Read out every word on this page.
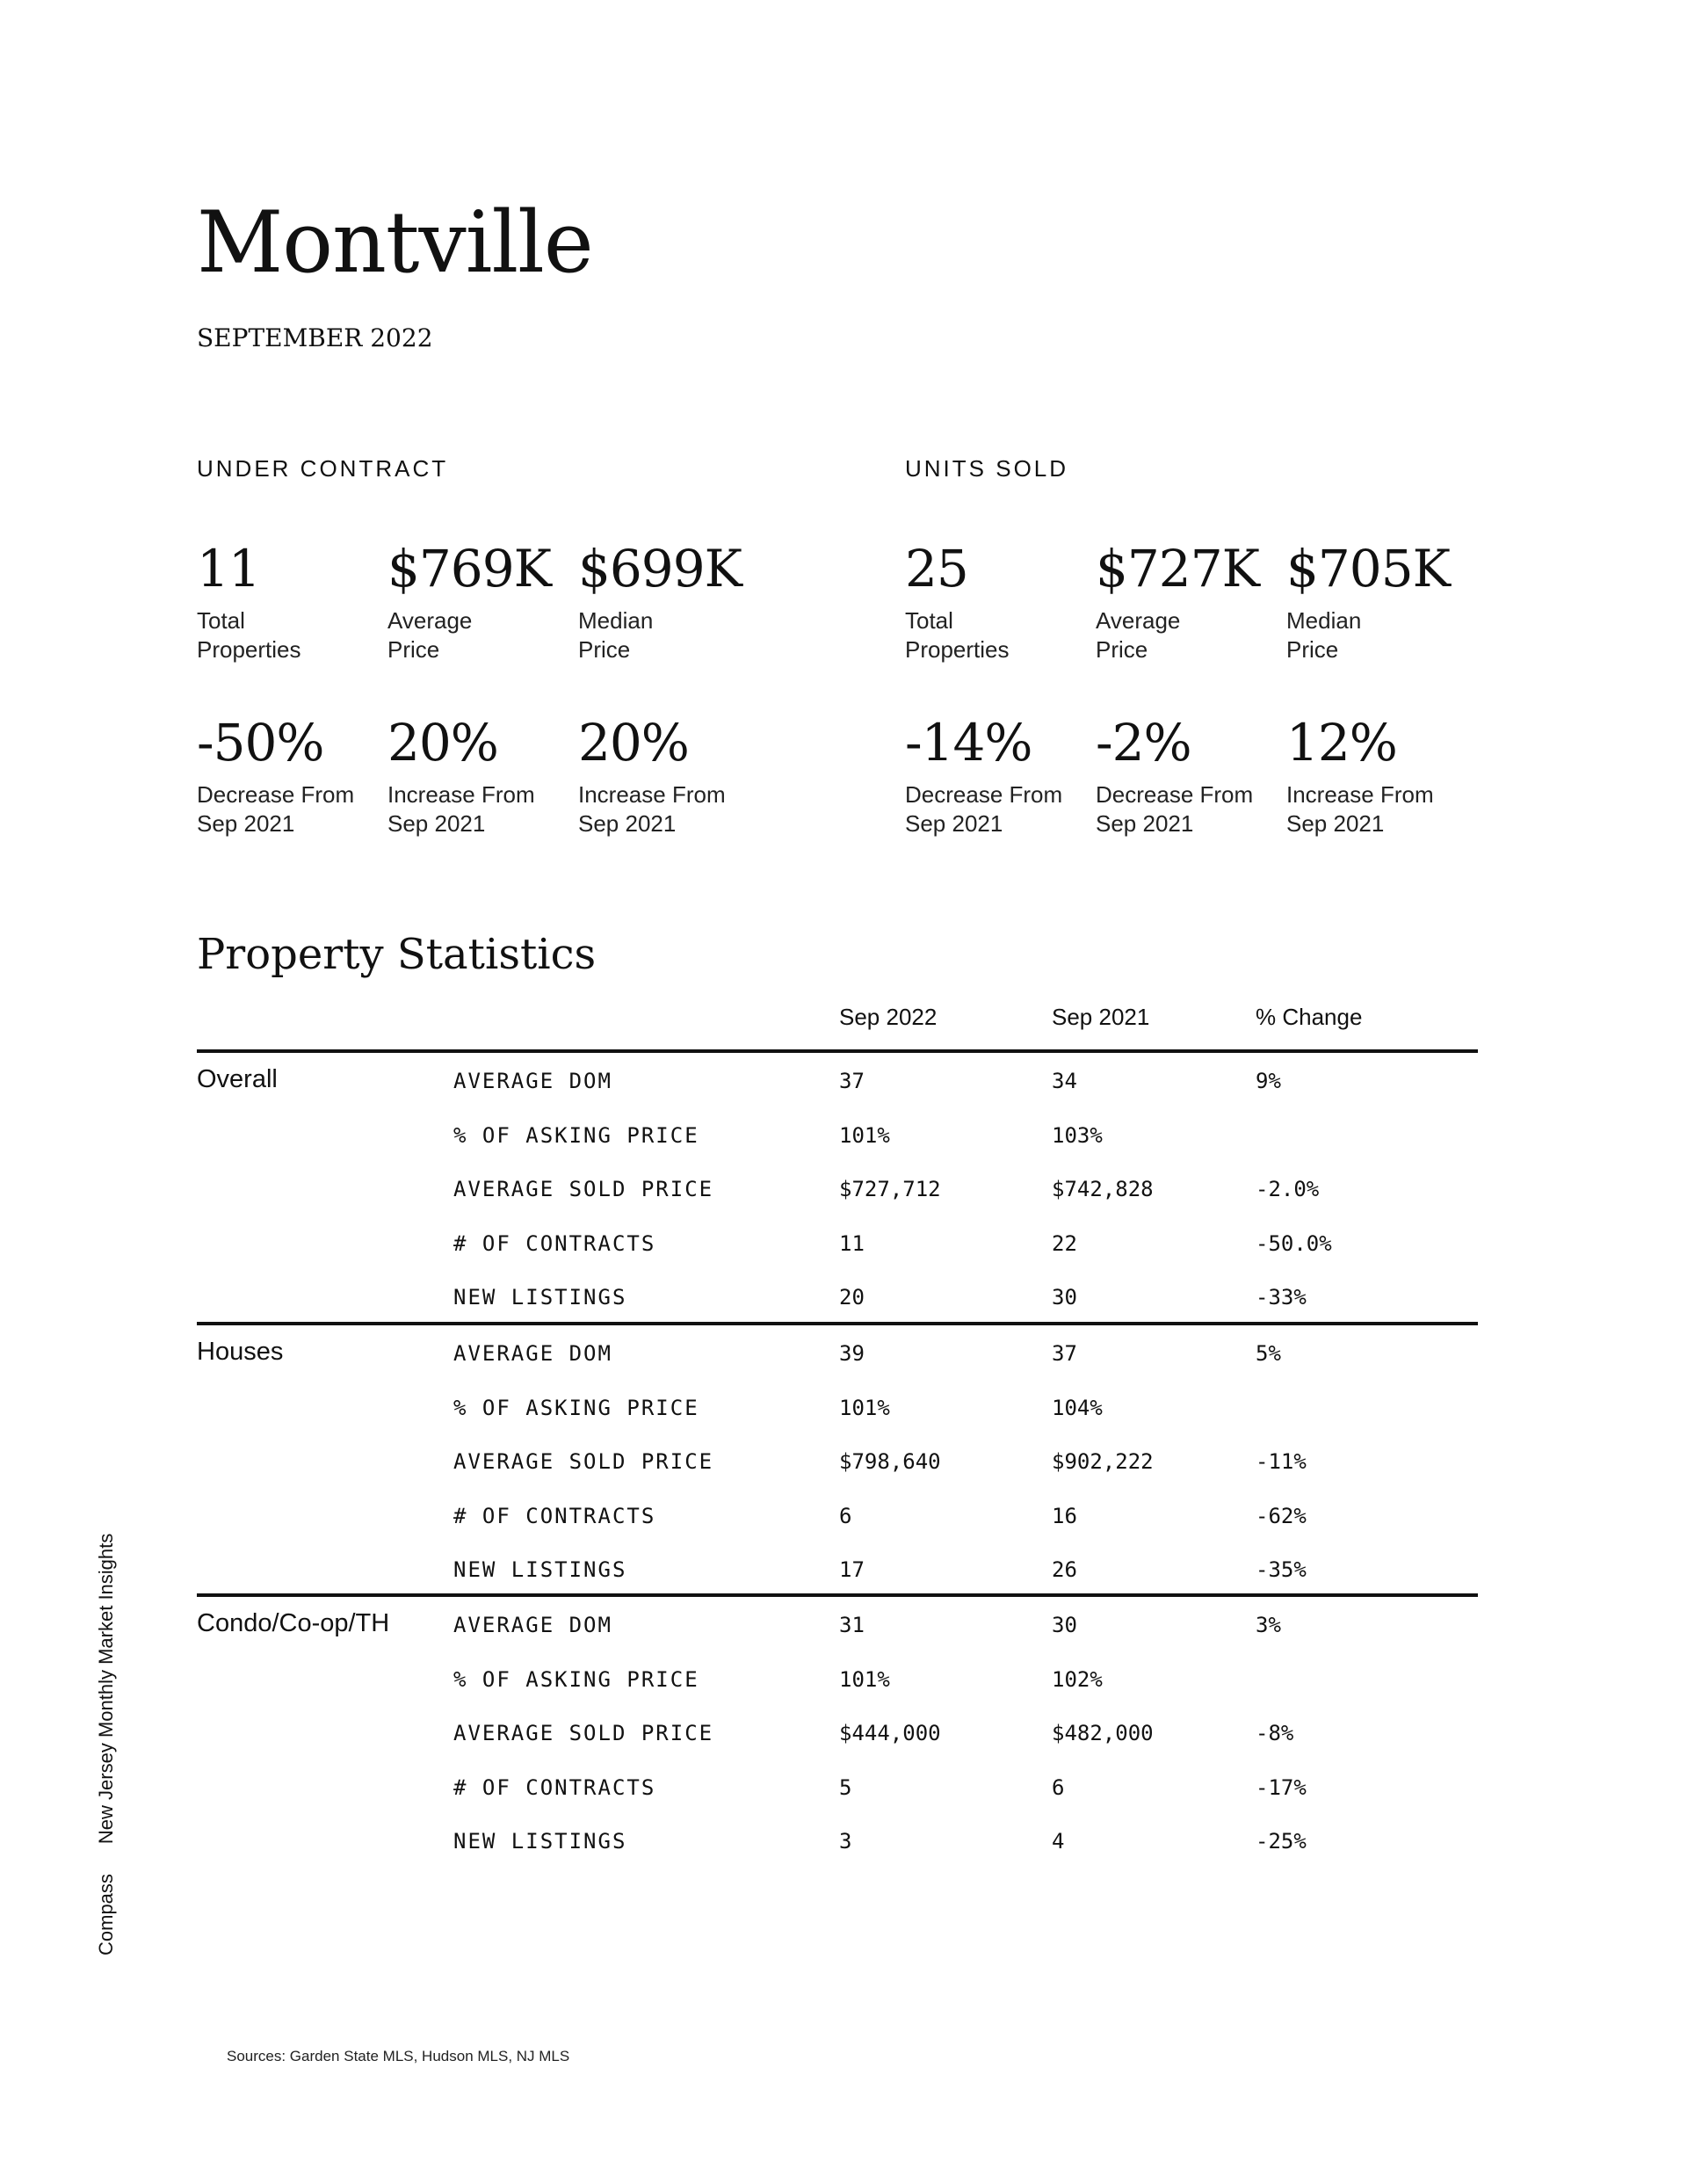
Montville
SEPTEMBER 2022
UNDER CONTRACT
11
Total
Properties
$769K
Average
Price
$699K
Median
Price
-50%
Decrease From
Sep 2021
20%
Increase From
Sep 2021
20%
Increase From
Sep 2021
UNITS SOLD
25
Total
Properties
$727K
Average
Price
$705K
Median
Price
-14%
Decrease From
Sep 2021
-2%
Decrease From
Sep 2021
12%
Increase From
Sep 2021
Property Statistics
Sep 2022	Sep 2021	% Change
Overall	AVERAGE DOM	37	34	9%
% OF ASKING PRICE	101%	103%
AVERAGE SOLD PRICE	$727,712	$742,828	-2.0%
# OF CONTRACTS	11	22	-50.0%
NEW LISTINGS	20	30	-33%
Houses	AVERAGE DOM	39	37	5%
% OF ASKING PRICE	101%	104%
AVERAGE SOLD PRICE	$798,640	$902,222	-11%
# OF CONTRACTS	6	16	-62%
NEW LISTINGS	17	26	-35%
Condo/Co-op/TH	AVERAGE DOM	31	30	3%
% OF ASKING PRICE	101%	102%
AVERAGE SOLD PRICE	$444,000	$482,000	-8%
# OF CONTRACTS	5	6	-17%
NEW LISTINGS	3	4	-25%
CompassNew Jersey Monthly Market Insights
Sources: Garden State MLS, Hudson MLS, NJ MLS
